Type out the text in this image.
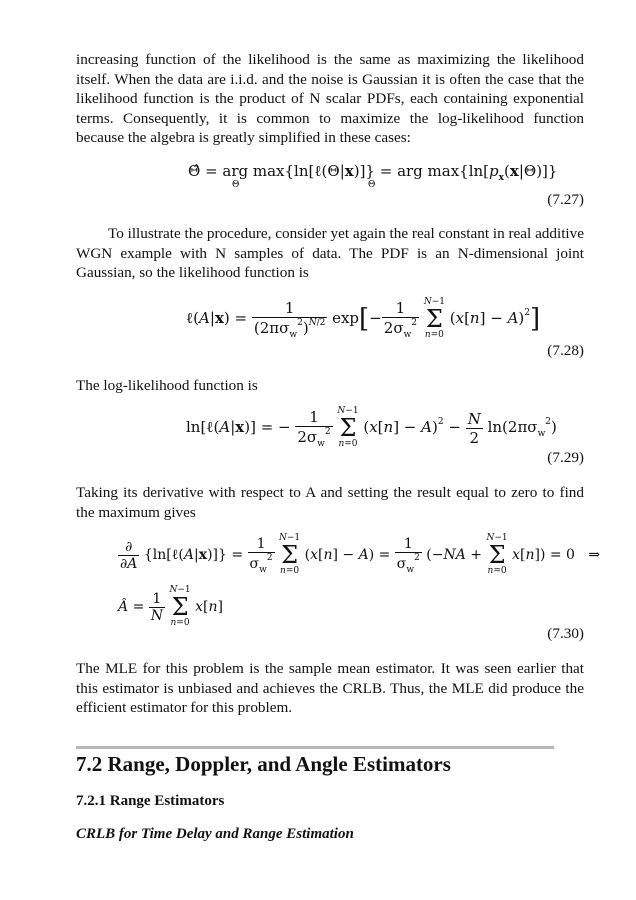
increasing function of the likelihood is the same as maximizing the likelihood itself. When the data are i.i.d. and the noise is Gaussian it is often the case that the likelihood function is the product of N scalar PDFs, each containing exponential terms. Consequently, it is common to maximize the log-likelihood function because the algebra is greatly simplified in these cases:

Θ̂ = arg max{ln[ℓ(Θ|x)]} = arg $\max\{\ln[p_x(x|\Theta)]\}$
Θ	Θ
(7.27)

To illustrate the procedure, consider yet again the real constant in real additive WGN example with N samples of data. The PDF is an N-dimensional joint Gaussian, so the likelihood function is

ℓ(A|x) = $\frac{1}{(2\pi\sigma_w^2)^{N/2}} \exp[- \frac{1}{2\sigma_w^2}$
N−1
Σ
n=0
$(x[n] - A)^2$]
(7.28)

The log-likelihood function is

ln[ℓ(A|x)] = − $\frac{1}{2\sigma_w^2}$
N−1
Σ
n=0
$(x[n] - A)^2 - \frac{N}{2} \ln(2\pi\sigma_w^2)$
(7.29)

Taking its derivative with respect to A and setting the result equal to zero to find the maximum gives

$\frac{\partial}{\partial A}$ {ln[ℓ(A|x)]} = $\frac{1}{\sigma_w^2}$
N−1
Σ
n=0
$(x[n] - A) = \frac{1}{\sigma_w^2} (-NA$ +
N−1
Σ
n=0
x[n]) = 0   ⇒
Â = $\frac{1}{N}$

N−1
Σ
n=0
x[n]
(7.30)

The MLE for this problem is the sample mean estimator. It was seen earlier that this estimator is unbiased and achieves the CRLB. Thus, the MLE did produce the efficient estimator for this problem.

7.2 Range, Doppler, and Angle Estimators
7.2.1 Range Estimators
CRLB for Time Delay and Range Estimation
